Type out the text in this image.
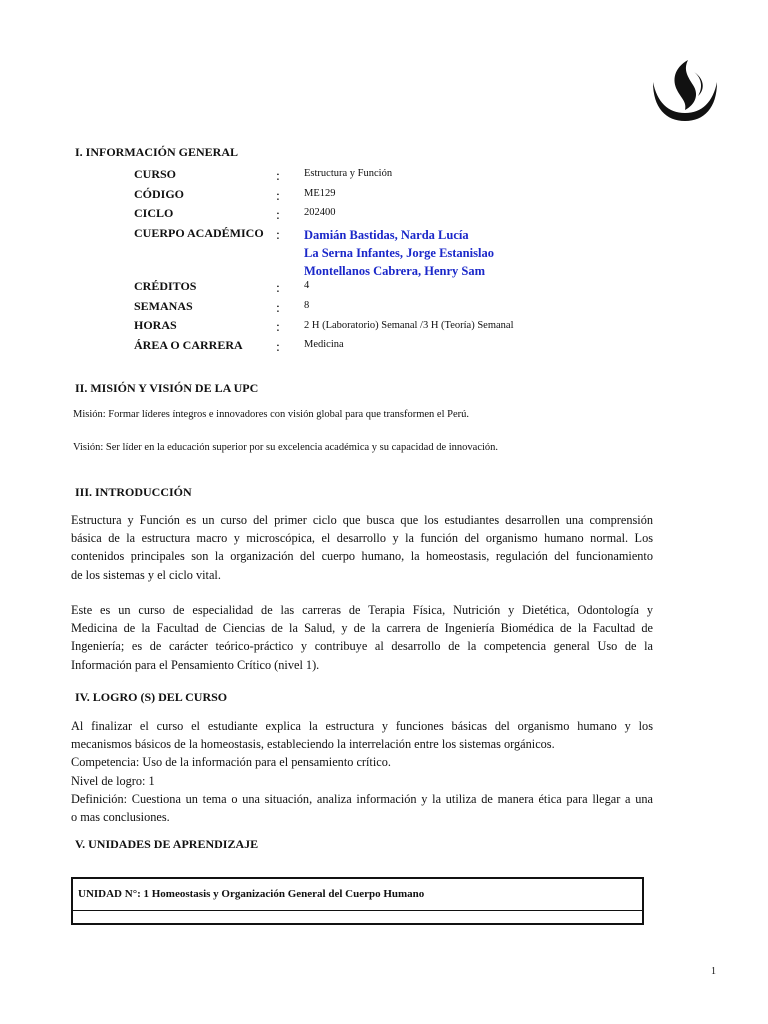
I. INFORMACIÓN GENERAL
CURSO	: Estructura y Función
CÓDIGO	: ME129
CICLO	: 202400
CUERPO ACADÉMICO : Damián Bastidas, Narda Lucía
La Serna Infantes, Jorge Estanislao
Montellanos Cabrera, Henry Sam
CRÉDITOS	: 4
SEMANAS	: 8
HORAS	: 2 H (Laboratorio) Semanal /3 H (Teoría) Semanal
ÁREA O CARRERA : Medicina
II. MISIÓN Y VISIÓN DE LA UPC
Misión: Formar líderes íntegros e innovadores con visión global para que transformen el Perú.
Visión: Ser líder en la educación superior por su excelencia académica y su capacidad de innovación.
III. INTRODUCCIÓN

Estructura y Función es un curso del primer ciclo que busca que los estudiantes desarrollen una comprensión
básica de la estructura macro y microscópica, el desarrollo y la función del organismo humano normal. Los
contenidos principales son la organización del cuerpo humano, la homeostasis, regulación del funcionamiento
de los sistemas y el ciclo vital.

Este es un curso de especialidad de las carreras de Terapia Física, Nutrición y Dietética, Odontología y
Medicina de la Facultad de Ciencias de la Salud, y de la carrera de Ingeniería Biomédica de la Facultad de
Ingeniería; es de carácter teórico-práctico y contribuye al desarrollo de la competencia general Uso de la
Información para el Pensamiento Crítico (nivel 1).

IV. LOGRO (S) DEL CURSO

Al finalizar el curso el estudiante explica la estructura y funciones básicas del organismo humano y los
mecanismos básicos de la homeostasis, estableciendo la interrelación entre los sistemas orgánicos.
Competencia: Uso de la información para el pensamiento crítico.
Nivel de logro: 1
Definición: Cuestiona un tema o una situación, analiza información y la utiliza de manera ética para llegar a una
o mas conclusiones.

V. UNIDADES DE APRENDIZAJE
UNIDAD N°: 1 Homeostasis y Organización General del Cuerpo Humano
1
